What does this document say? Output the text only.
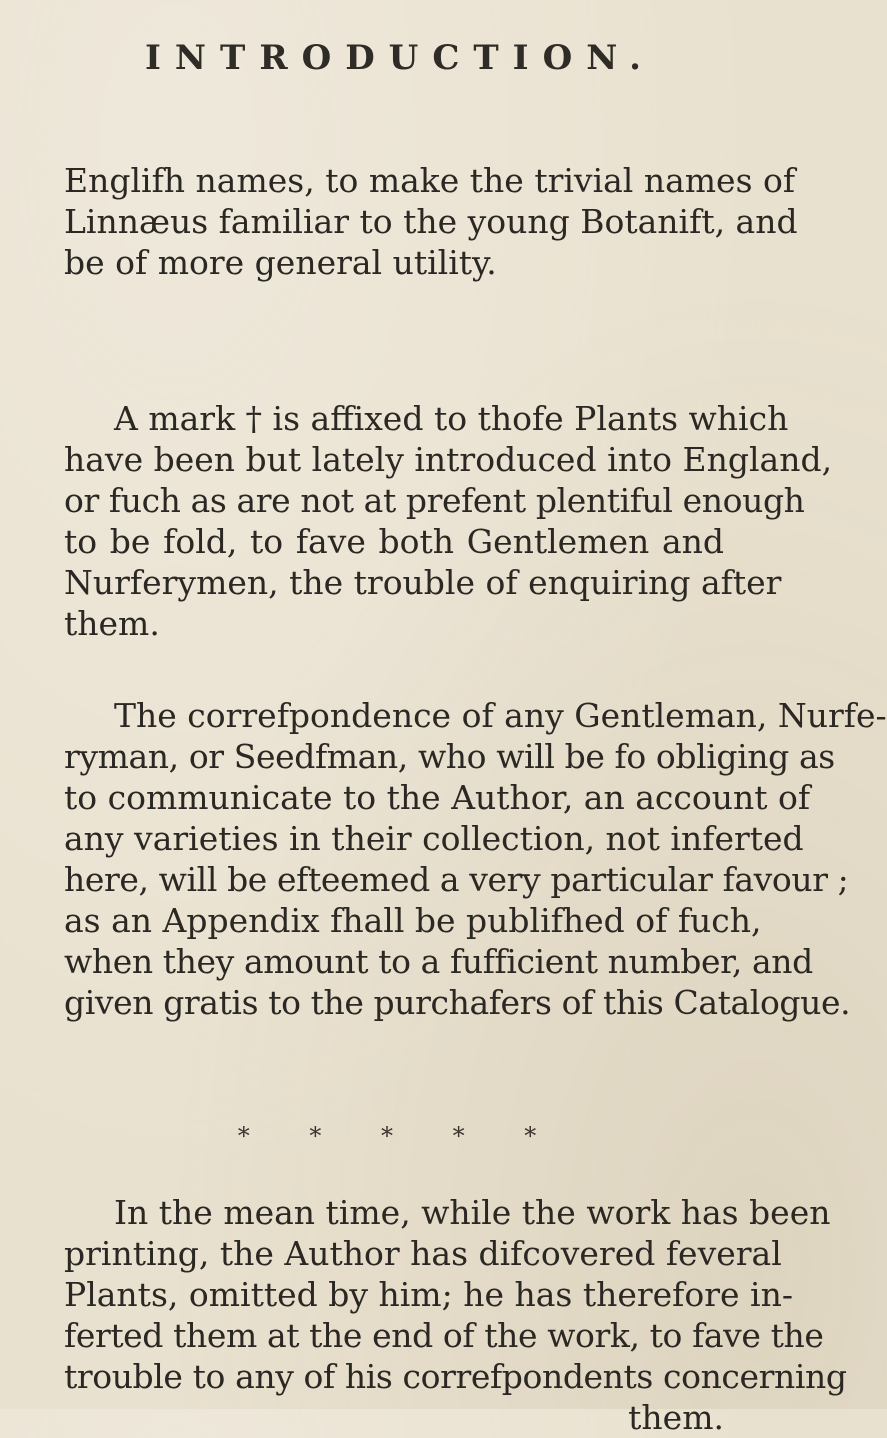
INTRODUCTION.
Englifh names, to make the trivial names of
Linnæus familiar to the young Botanift, and
be of more general utility.
A mark † is affixed to thofe Plants which
have been but lately introduced into England,
or fuch as are not at prefent plentiful enough
to be fold, to fave both Gentlemen and
Nurferymen, the trouble of enquiring after
them.
The correfpondence of any Gentleman, Nurfe-
ryman, or Seedfman, who will be fo obliging as
to communicate to the Author, an account of
any varieties in their collection, not inferted
here, will be efteemed a very particular favour ;
as an Appendix fhall be publifhed of fuch,
when they amount to a fufficient number, and
given gratis to the purchafers of this Catalogue.
* * * * *
In the mean time, while the work has been
printing, the Author has difcovered feveral
Plants, omitted by him; he has therefore in-
ferted them at the end of the work, to fave the
trouble to any of his correfpondents concerning
them.
